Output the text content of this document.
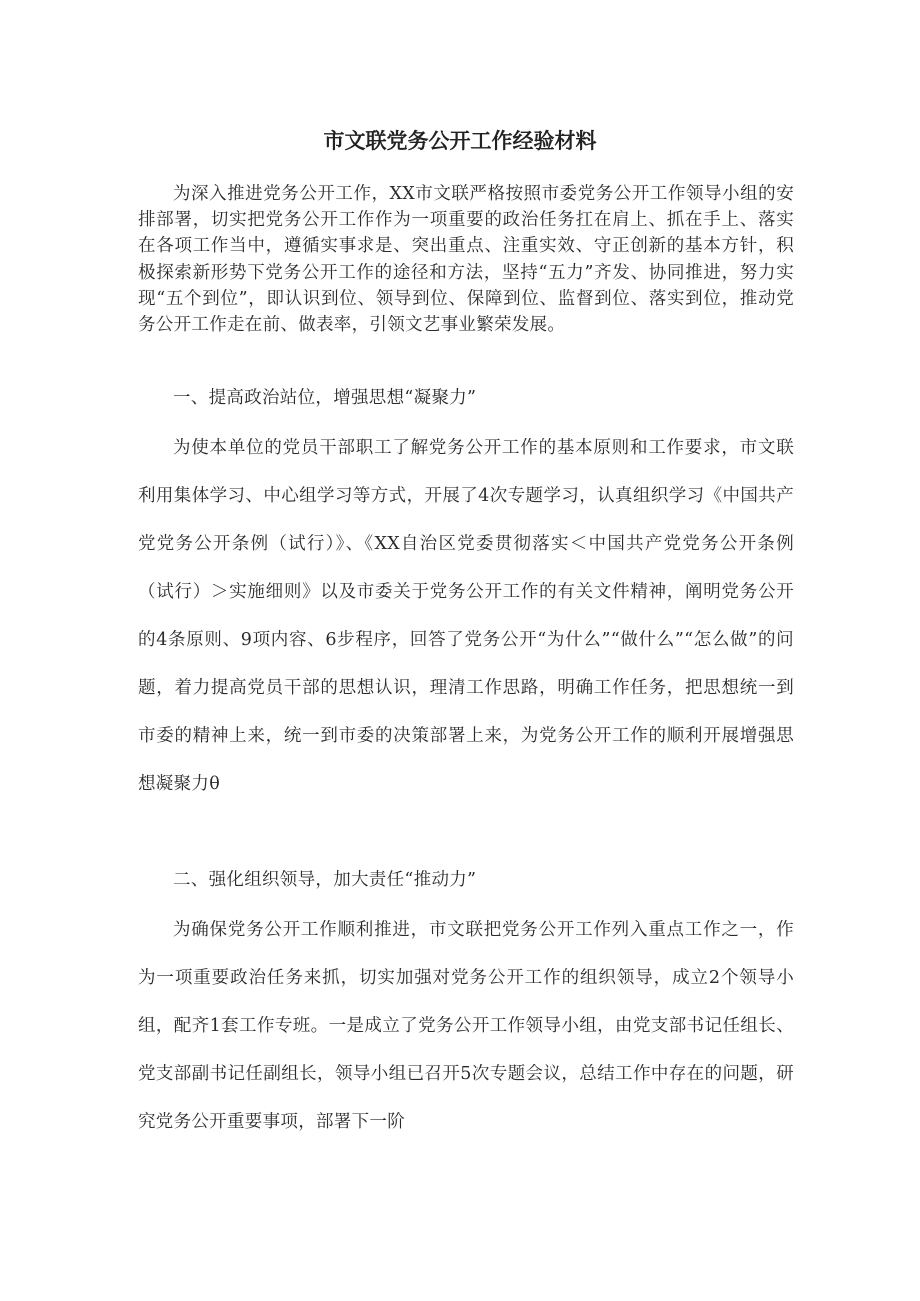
市文联党务公开工作经验材料

为深入推进党务公开工作，XX市文联严格按照市委党务公开工作领导小组的安排部署，切实把党务公开工作作为一项重要的政治任务扛在肩上、抓在手上、落实在各项工作当中，遵循实事求是、突出重点、注重实效、守正创新的基本方针，积极探索新形势下党务公开工作的途径和方法，坚持“五力”齐发、协同推进，努力实现“五个到位”，即认识到位、领导到位、保障到位、监督到位、落实到位，推动党务公开工作走在前、做表率，引领文艺事业繁荣发展。

一、提高政治站位，增强思想“凝聚力”

为使本单位的党员干部职工了解党务公开工作的基本原则和工作要求，市文联利用集体学习、中心组学习等方式，开展了4次专题学习，认真组织学习《中国共产党党务公开条例（试行）》、《XX自治区党委贯彻落实＜中国共产党党务公开条例（试行）＞实施细则》以及市委关于党务公开工作的有关文件精神，阐明党务公开的4条原则、9项内容、6步程序，回答了党务公开“为什么”“做什么”“怎么做”的问题，着力提高党员干部的思想认识，理清工作思路，明确工作任务，把思想统一到市委的精神上来，统一到市委的决策部署上来，为党务公开工作的顺利开展增强思想凝聚力θ

二、强化组织领导，加大责任“推动力”

为确保党务公开工作顺利推进，市文联把党务公开工作列入重点工作之一，作为一项重要政治任务来抓，切实加强对党务公开工作的组织领导，成立2个领导小组，配齐1套工作专班。一是成立了党务公开工作领导小组，由党支部书记任组长、党支部副书记任副组长，领导小组已召开5次专题会议，总结工作中存在的问题，研究党务公开重要事项，部署下一阶
